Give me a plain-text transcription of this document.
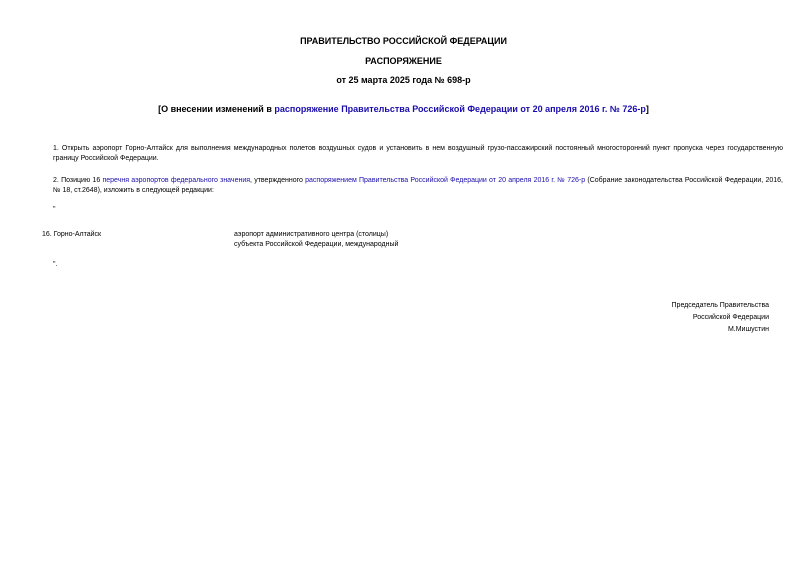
ПРАВИТЕЛЬСТВО РОССИЙСКОЙ ФЕДЕРАЦИИ
РАСПОРЯЖЕНИЕ
от 25 марта 2025 года № 698-р
[О внесении изменений в распоряжение Правительства Российской Федерации от 20 апреля 2016 г. № 726-р]
1. Открыть аэропорт Горно-Алтайск для выполнения международных полетов воздушных судов и установить в нем воздушный грузо-пассажирский постоянный многосторонний пункт пропуска через государственную границу Российской Федерации.
2. Позицию 16 перечня аэропортов федерального значения, утвержденного распоряжением Правительства Российской Федерации от 20 апреля 2016 г. № 726-р (Собрание законодательства Российской Федерации, 2016, № 18, ст.2648), изложить в следующей редакции:
"
16. Горно-Алтайск	аэропорт административного центра (столицы)
субъекта Российской Федерации, международный
".
Председатель Правительства
Российской Федерации
М.Мишустин
